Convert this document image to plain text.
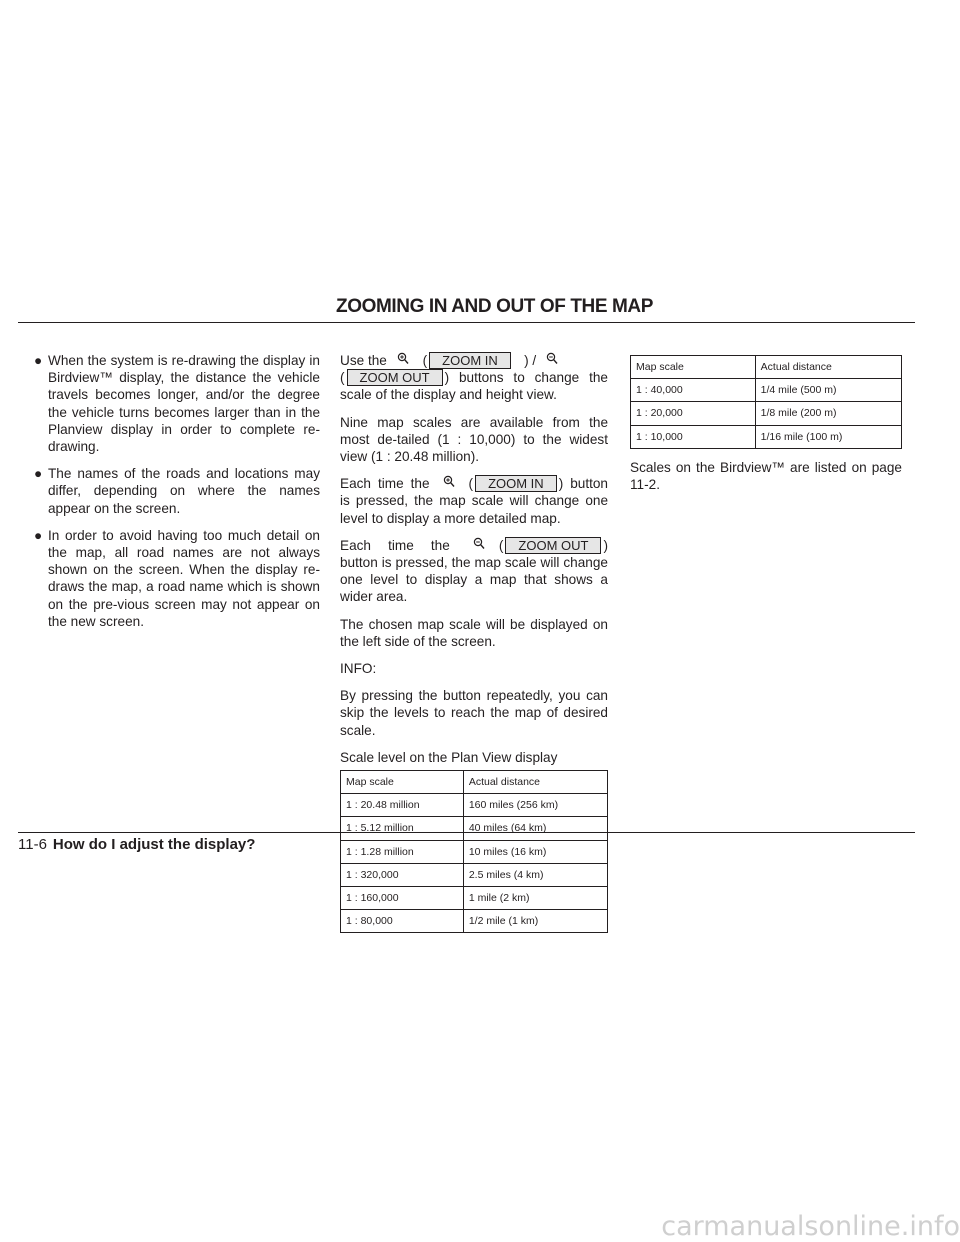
ZOOMING IN AND OUT OF THE MAP
● When the system is re-drawing the display in Birdview™ display, the distance the vehicle travels becomes longer, and/or the degree the vehicle turns becomes larger than in the Planview display in order to complete re-drawing.
● The names of the roads and locations may differ, depending on where the names appear on the screen.
● In order to avoid having too much detail on the map, all road names are not always shown on the screen. When the display re-draws the map, a road name which is shown on the pre-vious screen may not appear on the new screen.

Use the	( ZOOM IN   ) /
( ZOOM OUT ) buttons to change the scale of the display and height view.

Nine map scales are available from the most de-tailed (1 : 10,000) to the widest view (1 : 20.48 million).

Each time the	( ZOOM IN ) button is pressed, the map scale will change one level to display a more detailed map.

Each time the	( ZOOM OUT ) button is pressed, the map scale will change one level to display a map that shows a wider area.

The chosen map scale will be displayed on the left side of the screen.

INFO:

By pressing the button repeatedly, you can skip the levels to reach the map of desired scale.

Scale level on the Plan View display

Map scale	Actual distance
1 : 20.48 million	160 miles (256 km)
1 : 5.12 million	40 miles (64 km)
1 : 1.28 million	10 miles (16 km)
1 : 320,000	2.5 miles (4 km)
1 : 160,000	1 mile (2 km)
1 : 80,000	1/2 mile (1 km)
Map scale	Actual distance
1 : 40,000	1/4 mile (500 m)
1 : 20,000	1/8 mile (200 m)
1 : 10,000	1/16 mile (100 m)

Scales on the Birdview™ are listed on page 11-2.

11-6 How do I adjust the display?
carmanualsonline.info
